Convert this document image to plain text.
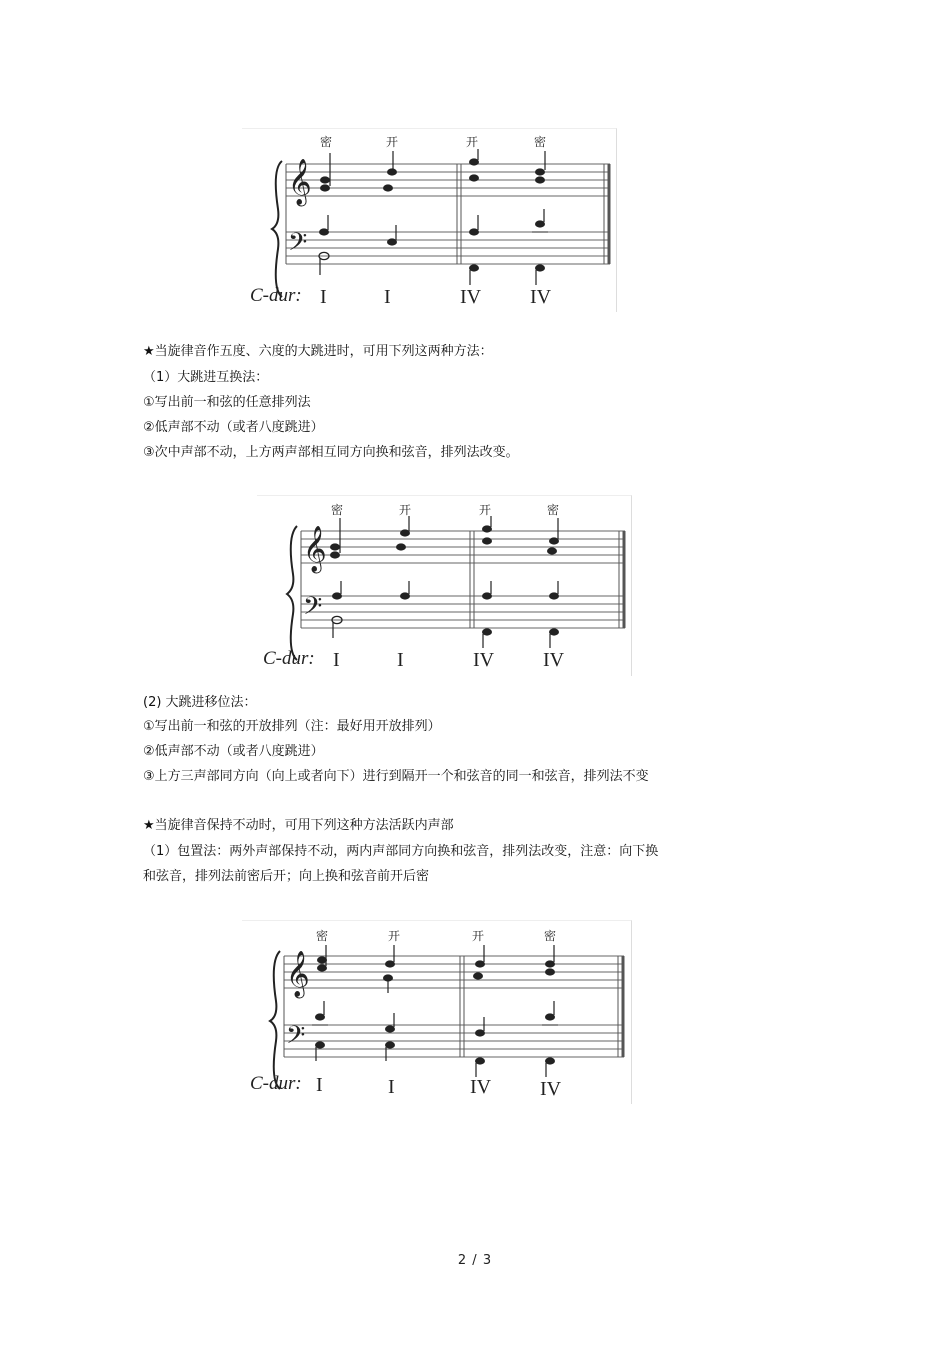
密	开	开	密
𝄞
𝄢
C-dur: I	I	IV IV
★当旋律音作五度、六度的大跳进时，可用下列这两种方法：
（1）大跳进互换法：
①写出前一和弦的任意排列法
②低声部不动（或者八度跳进）
③次中声部不动，上方两声部相互同方向换和弦音，排列法改变。
密	开	开	密
𝄞
𝄢
C-dur: I	I	IV IV
(2) 大跳进移位法：
①写出前一和弦的开放排列（注：最好用开放排列）
②低声部不动（或者八度跳进）
③上方三声部同方向（向上或者向下）进行到隔开一个和弦音的同一和弦音，排列法不变
★当旋律音保持不动时，可用下列这种方法活跃内声部
（1）包置法：两外声部保持不动，两内声部同方向换和弦音，排列法改变，注意：向下换
和弦音，排列法前密后开；向上换和弦音前开后密
密	开	开	密
𝄞
𝄢
C-dur: I	I	IV IV
2 / 3
